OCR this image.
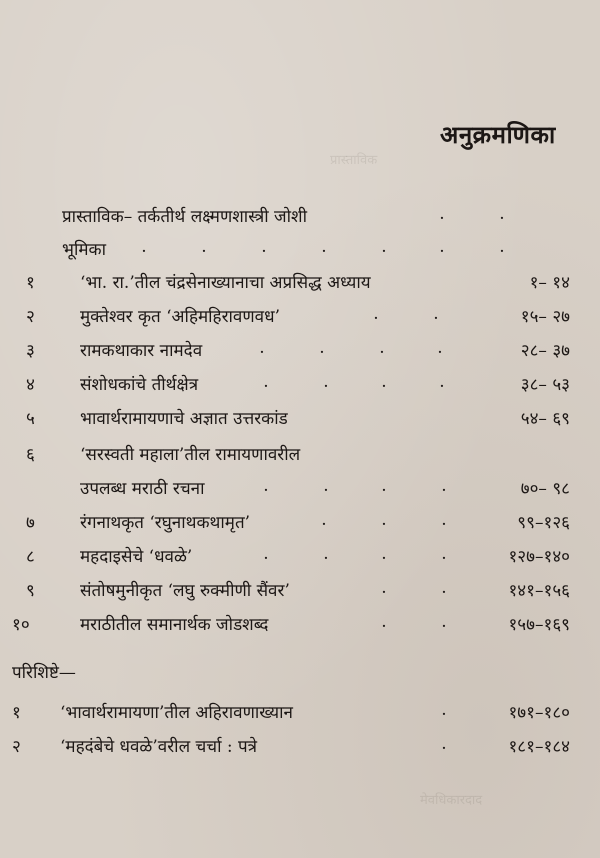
प्रास्ताविक
अनुक्रमणिका
प्रास्ताविक– तर्कतीर्थ लक्ष्मणशास्त्री जोशी	.	.
भूमिका .	.	.	.	.	.	.
१	‘भा. रा.’तील चंद्रसेनाख्यानाचा अप्रसिद्ध अध्याय	१– १४
२	मुक्तेश्वर कृत ‘अहिमहिरावणवध’	.	.	१५– २७
३	रामकथाकार नामदेव	.	.	.	.	२८– ३७
४	संशोधकांचे तीर्थक्षेत्र	.	.	.	.	३८– ५३
५	भावार्थरामायणाचे अज्ञात उत्तरकांड	५४– ६९
६	‘सरस्वती महाला’तील रामायणावरील
उपलब्ध मराठी रचना	.	.	.	.	७०– ९८
७	रंगनाथकृत ‘रघुनाथकथामृत’	.	.	.	९९–१२६
८	महदाइसेचे ‘धवळे’	.	.	.	.	१२७–१४०
९	संतोषमुनीकृत ‘लघु रुक्मीणी सैंवर’	.	.	१४१–१५६
१०	मराठीतील समानार्थक जोडशब्द	.	.	१५७–१६९
परिशिष्टे—
१	‘भावार्थरामायणा’तील अहिरावणाख्यान	.	१७१–१८०
२	‘महदंबेचे धवळे’वरील चर्चा : पत्रे	.	१८१–१८४
मेवधिकारदाद
